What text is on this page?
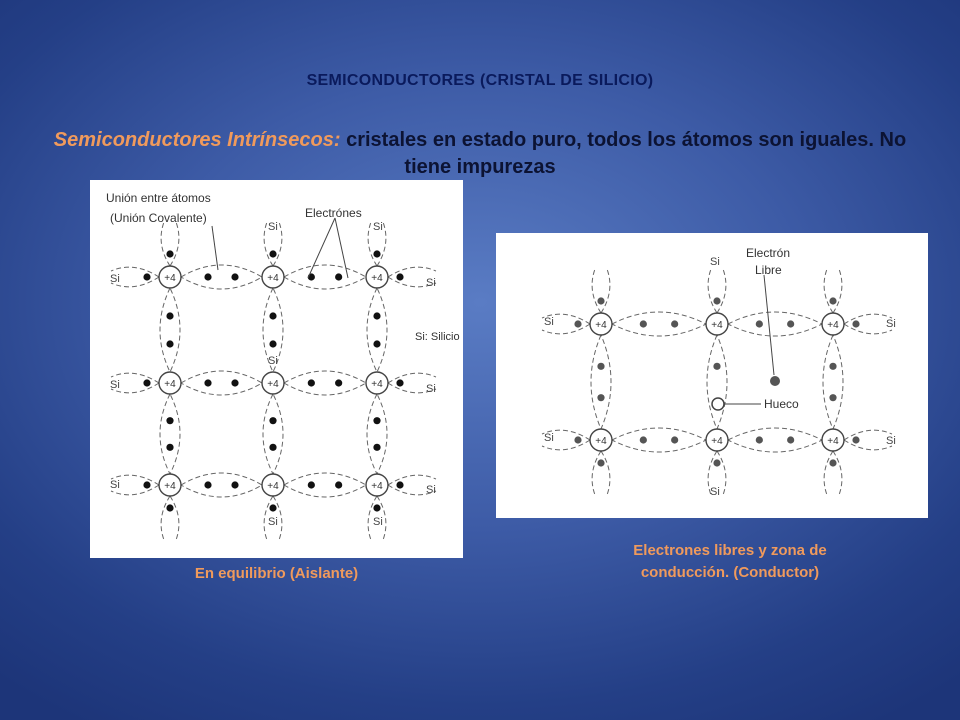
SEMICONDUCTORES (CRISTAL DE SILICIO)
Semiconductores Intrínsecos: cristales en estado puro, todos los átomos son iguales. No tiene impurezas
+4	+4	+4
+4	+4	+4
+4	+4	+4
Si	Si
Si	Si
Si
Si
Si
Si	Si
Si	Si
Unión entre átomos
(Unión Covalente)	Electrónes
Si: Silicio
En equilibrio (Aislante)
+4	+4	+4
+4	+4	+4
Si	Si
Si
Si	Si
Si
Electrón
Libre
Hueco
Electrones libres y zona de
conducción. (Conductor)
